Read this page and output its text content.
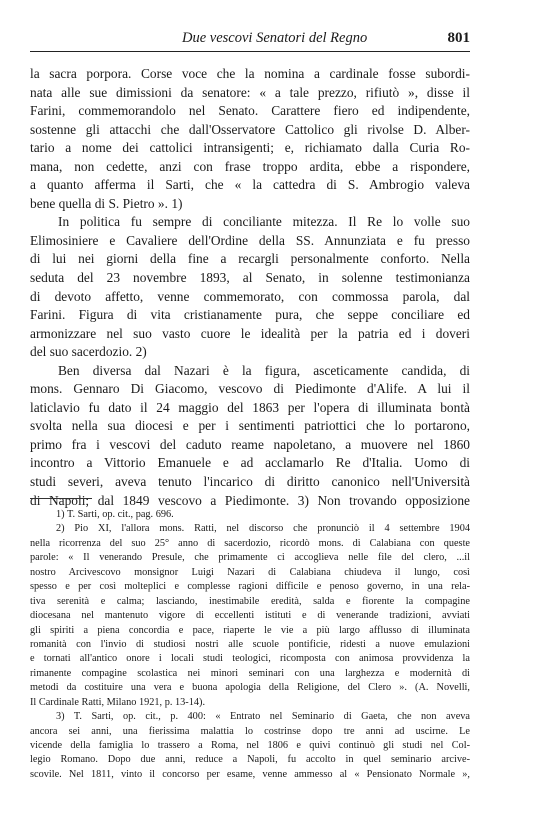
Due vescovi Senatori del Regno	801
la sacra porpora. Corse voce che la nomina a cardinale fosse subordi-
nata alle sue dimissioni da senatore: « a tale prezzo, rifiutò », disse il
Farini, commemorandolo nel Senato. Carattere fiero ed indipendente,
sostenne gli attacchi che dall'Osservatore Cattolico gli rivolse D. Alber-
tario a nome dei cattolici intransigenti; e, richiamato dalla Curia Ro-
mana, non cedette, anzi con frase troppo ardita, ebbe a rispondere,
a quanto afferma il Sarti, che « la cattedra di S. Ambrogio valeva
bene quella di S. Pietro ». 1)
In politica fu sempre di conciliante mitezza. Il Re lo volle suo
Elimosiniere e Cavaliere dell'Ordine della SS. Annunziata e fu presso
di lui nei giorni della fine a recargli personalmente conforto. Nella
seduta del 23 novembre 1893, al Senato, in solenne testimonianza
di devoto affetto, venne commemorato, con commossa parola, dal
Farini. Figura di vita cristianamente pura, che seppe conciliare ed
armonizzare nel suo vasto cuore le idealità per la patria ed i doveri
del suo sacerdozio. 2)
Ben diversa dal Nazari è la figura, asceticamente candida, di
mons. Gennaro Di Giacomo, vescovo di Piedimonte d'Alife. A lui il
laticlavio fu dato il 24 maggio del 1863 per l'opera di illuminata bontà
svolta nella sua diocesi e per i sentimenti patriottici che lo portarono,
primo fra i vescovi del caduto reame napoletano, a muovere nel 1860
incontro a Vittorio Emanuele e ad acclamarlo Re d'Italia. Uomo di
studi severi, aveva tenuto l'incarico di diritto canonico nell'Università
di Napoli; dal 1849 vescovo a Piedimonte. 3) Non trovando opposizione
1) T. Sarti, op. cit., pag. 696.
2) Pio XI, l'allora mons. Ratti, nel discorso che pronunciò il 4 settembre 1904
nella ricorrenza del suo 25° anno di sacerdozio, ricordò mons. di Calabiana con queste
parole: « Il venerando Presule, che primamente ci accoglieva nelle file del clero, ...il
nostro Arcivescovo monsignor Luigi Nazari di Calabiana chiudeva il lungo, così
spesso e per così molteplici e complesse ragioni difficile e penoso governo, in una rela-
tiva serenità e calma; lasciando, inestimabile eredità, salda e fiorente la compagine
diocesana nel mantenuto vigore di eccellenti istituti e di venerande tradizioni, avviati
gli spiriti a piena concordia e pace, riaperte le vie a più largo afflusso di illuminata
romanità con l'invio di studiosi nostri alle scuole pontificie, ridesti a nuove emulazioni
e tornati all'antico onore i locali studi teologici, ricomposta con animosa provvidenza la
rimanente compagine scolastica nei minori seminari con una larghezza e modernità di
metodi da costituire una vera e buona apologia della Religione, del Clero ». (A. Novelli,
Il Cardinale Ratti, Milano 1921, p. 13-14).
3) T. Sarti, op. cit., p. 400: « Entrato nel Seminario di Gaeta, che non aveva
ancora sei anni, una fierissima malattia lo costrinse dopo tre anni ad uscirne. Le
vicende della famiglia lo trassero a Roma, nel 1806 e quivi continuò gli studi nel Col-
legio Romano. Dopo due anni, reduce a Napoli, fu accolto in quel seminario arcive-
scovile. Nel 1811, vinto il concorso per esame, venne ammesso al « Pensionato Normale »,
